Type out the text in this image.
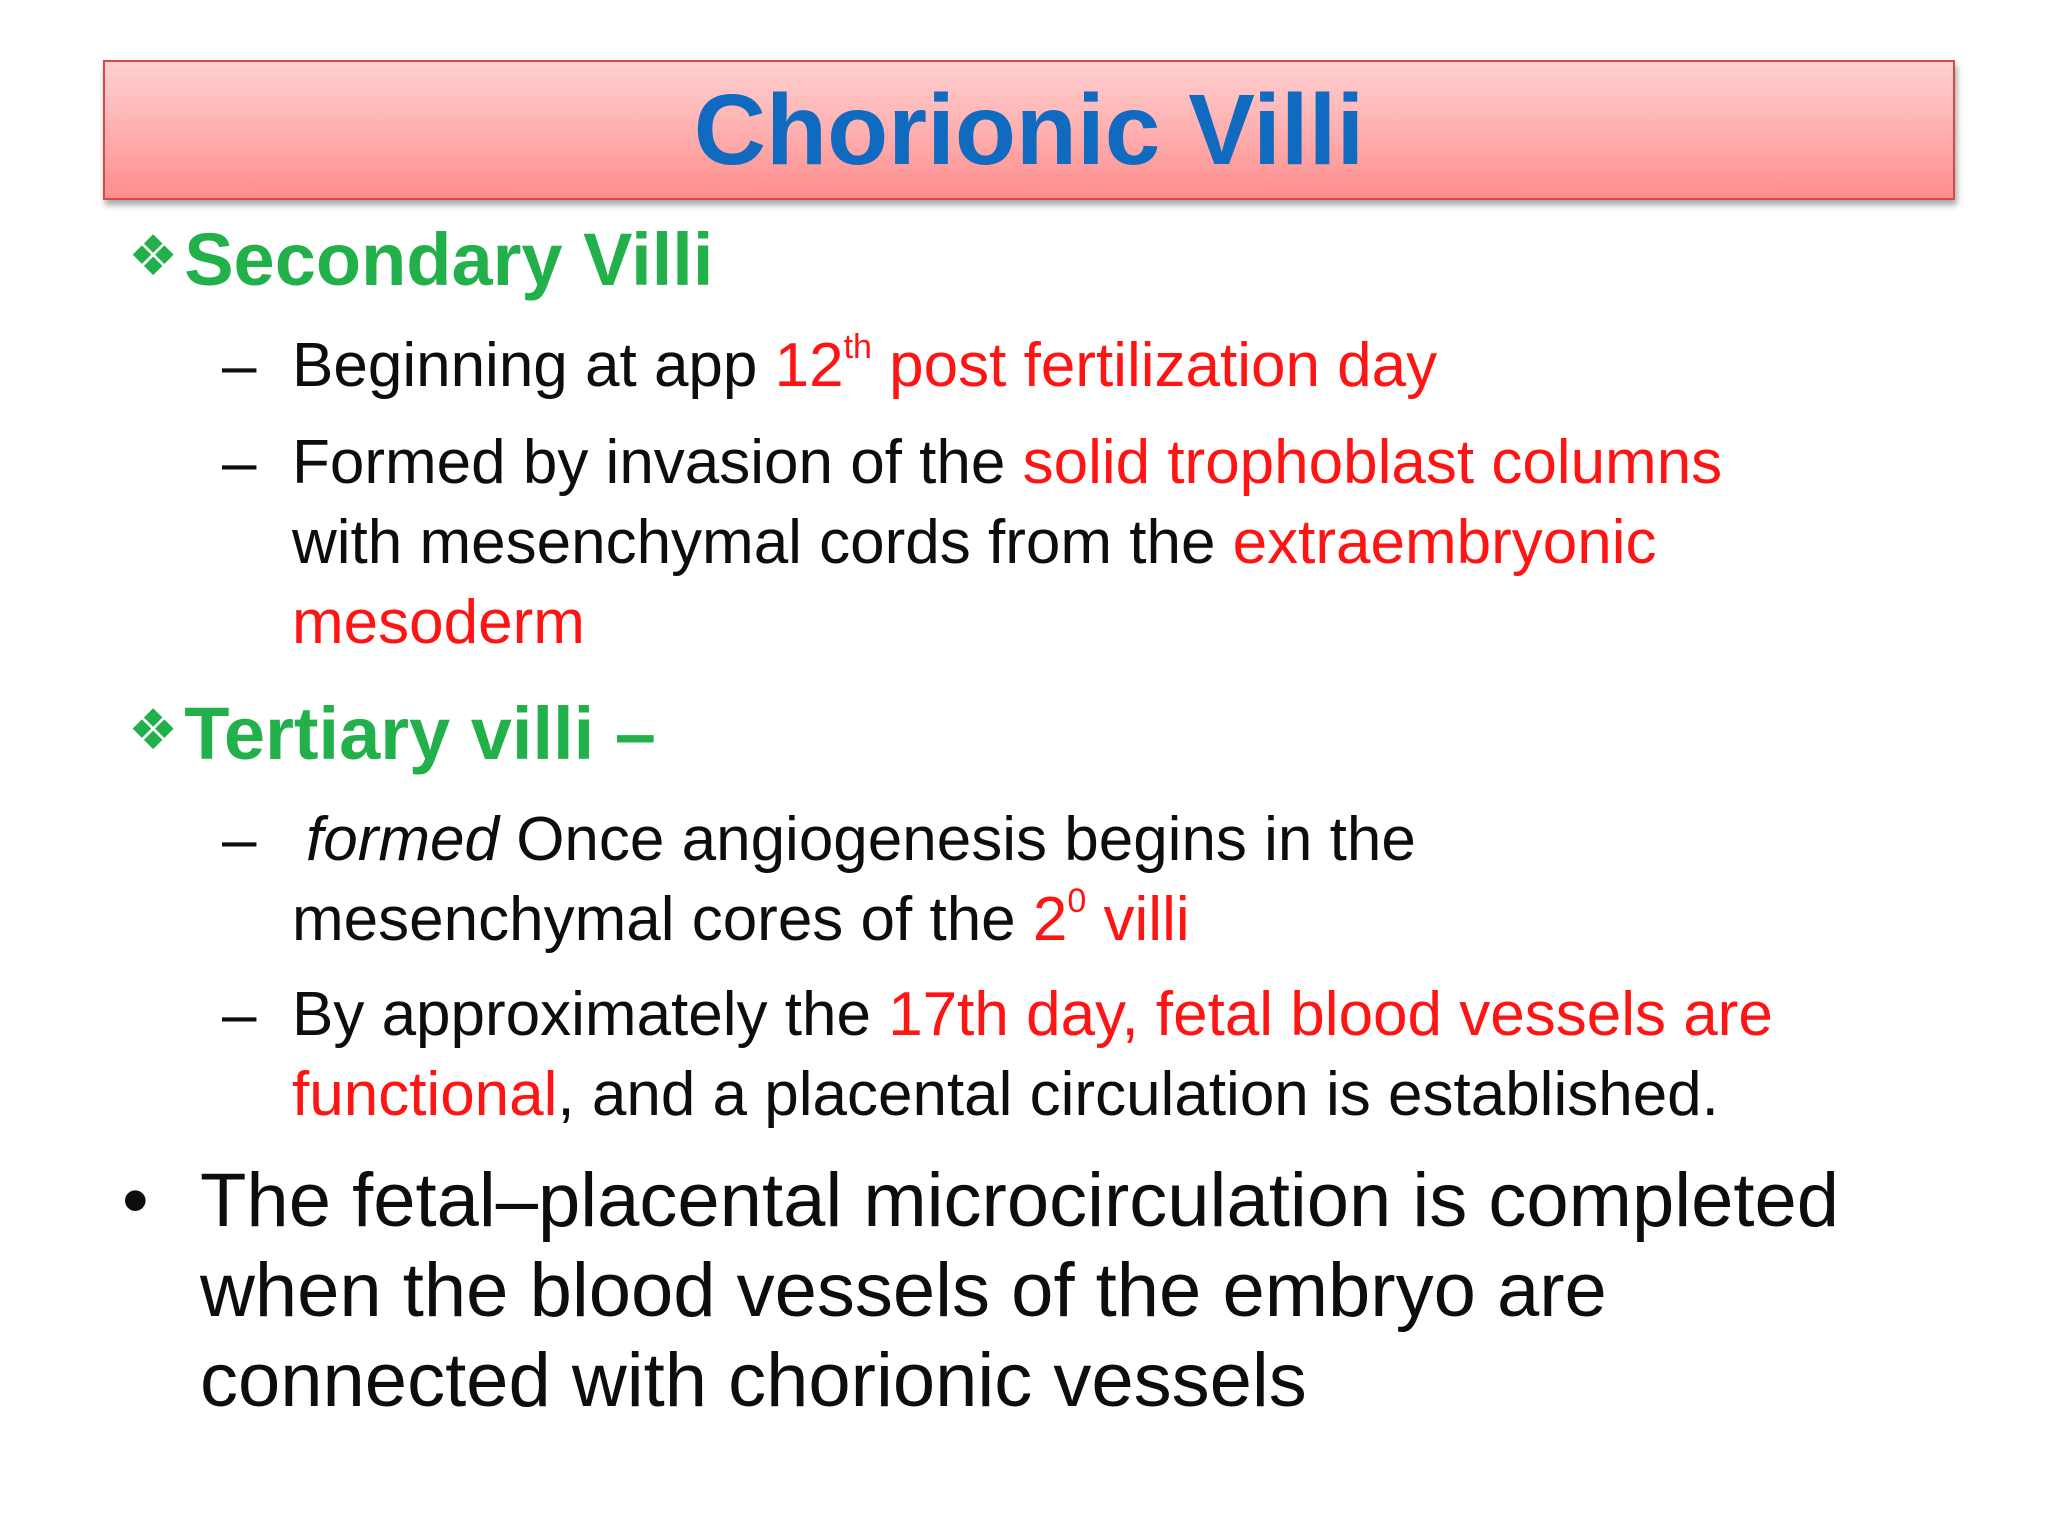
Chorionic Villi
❖Secondary Villi
– Beginning at app 12th post fertilization day
– Formed by invasion of the solid trophoblast columns
with mesenchymal cords from the extraembryonic
mesoderm
❖Tertiary villi –
– formed Once angiogenesis begins in the
mesenchymal cores of the $2^0$ villi
– By approximately the 17th day, fetal blood vessels are
functional, and a placental circulation is established.
• The fetal–placental microcirculation is completed
when the blood vessels of the embryo are
connected with chorionic vessels
